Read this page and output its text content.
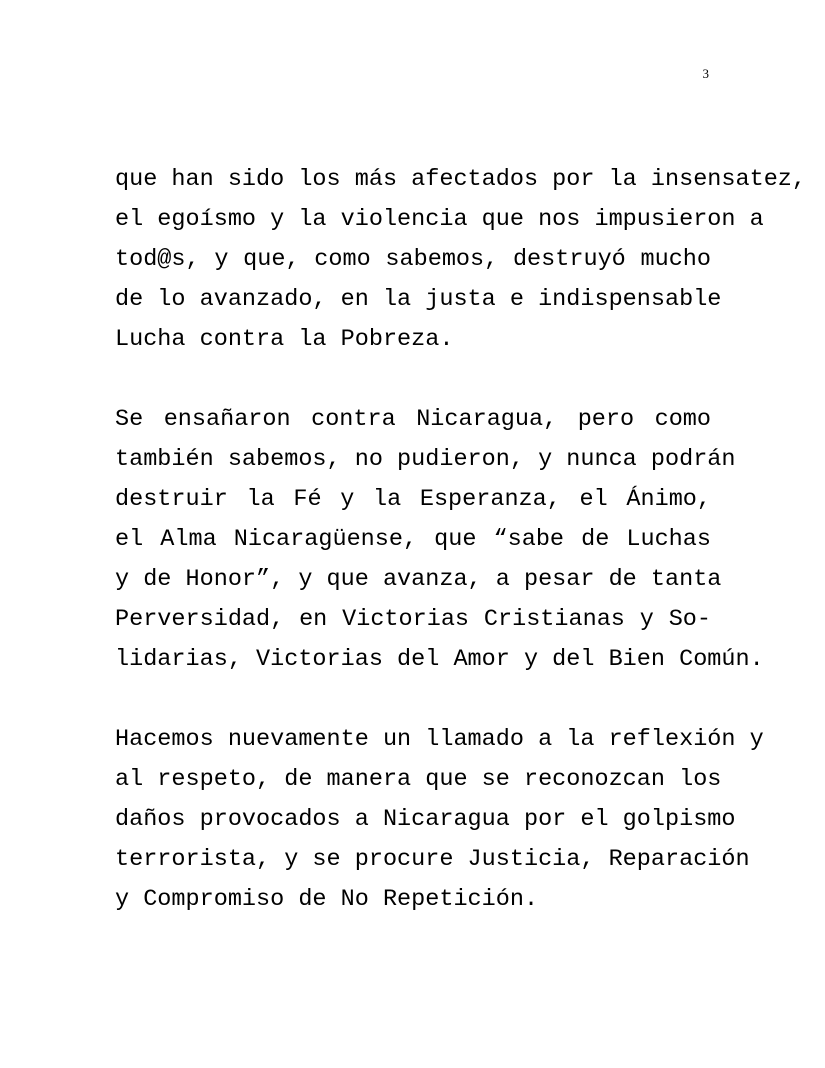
3
que han sido los más afectados por la insensatez,
el egoísmo y la violencia que nos impusieron a
tod@s, y que, como sabemos, destruyó mucho
de lo avanzado, en la justa e indispensable
Lucha contra la Pobreza.
Se ensañaron contra Nicaragua, pero como
también sabemos, no pudieron, y nunca podrán
destruir la Fé y la Esperanza, el Ánimo,
el Alma Nicaragüense, que “sabe de Luchas
y de Honor”, y que avanza, a pesar de tanta
Perversidad, en Victorias Cristianas y So-
lidarias, Victorias del Amor y del Bien Común.
Hacemos nuevamente un llamado a la reflexión y
al respeto, de manera que se reconozcan los
daños provocados a Nicaragua por el golpismo
terrorista, y se procure Justicia, Reparación
y Compromiso de No Repetición.
